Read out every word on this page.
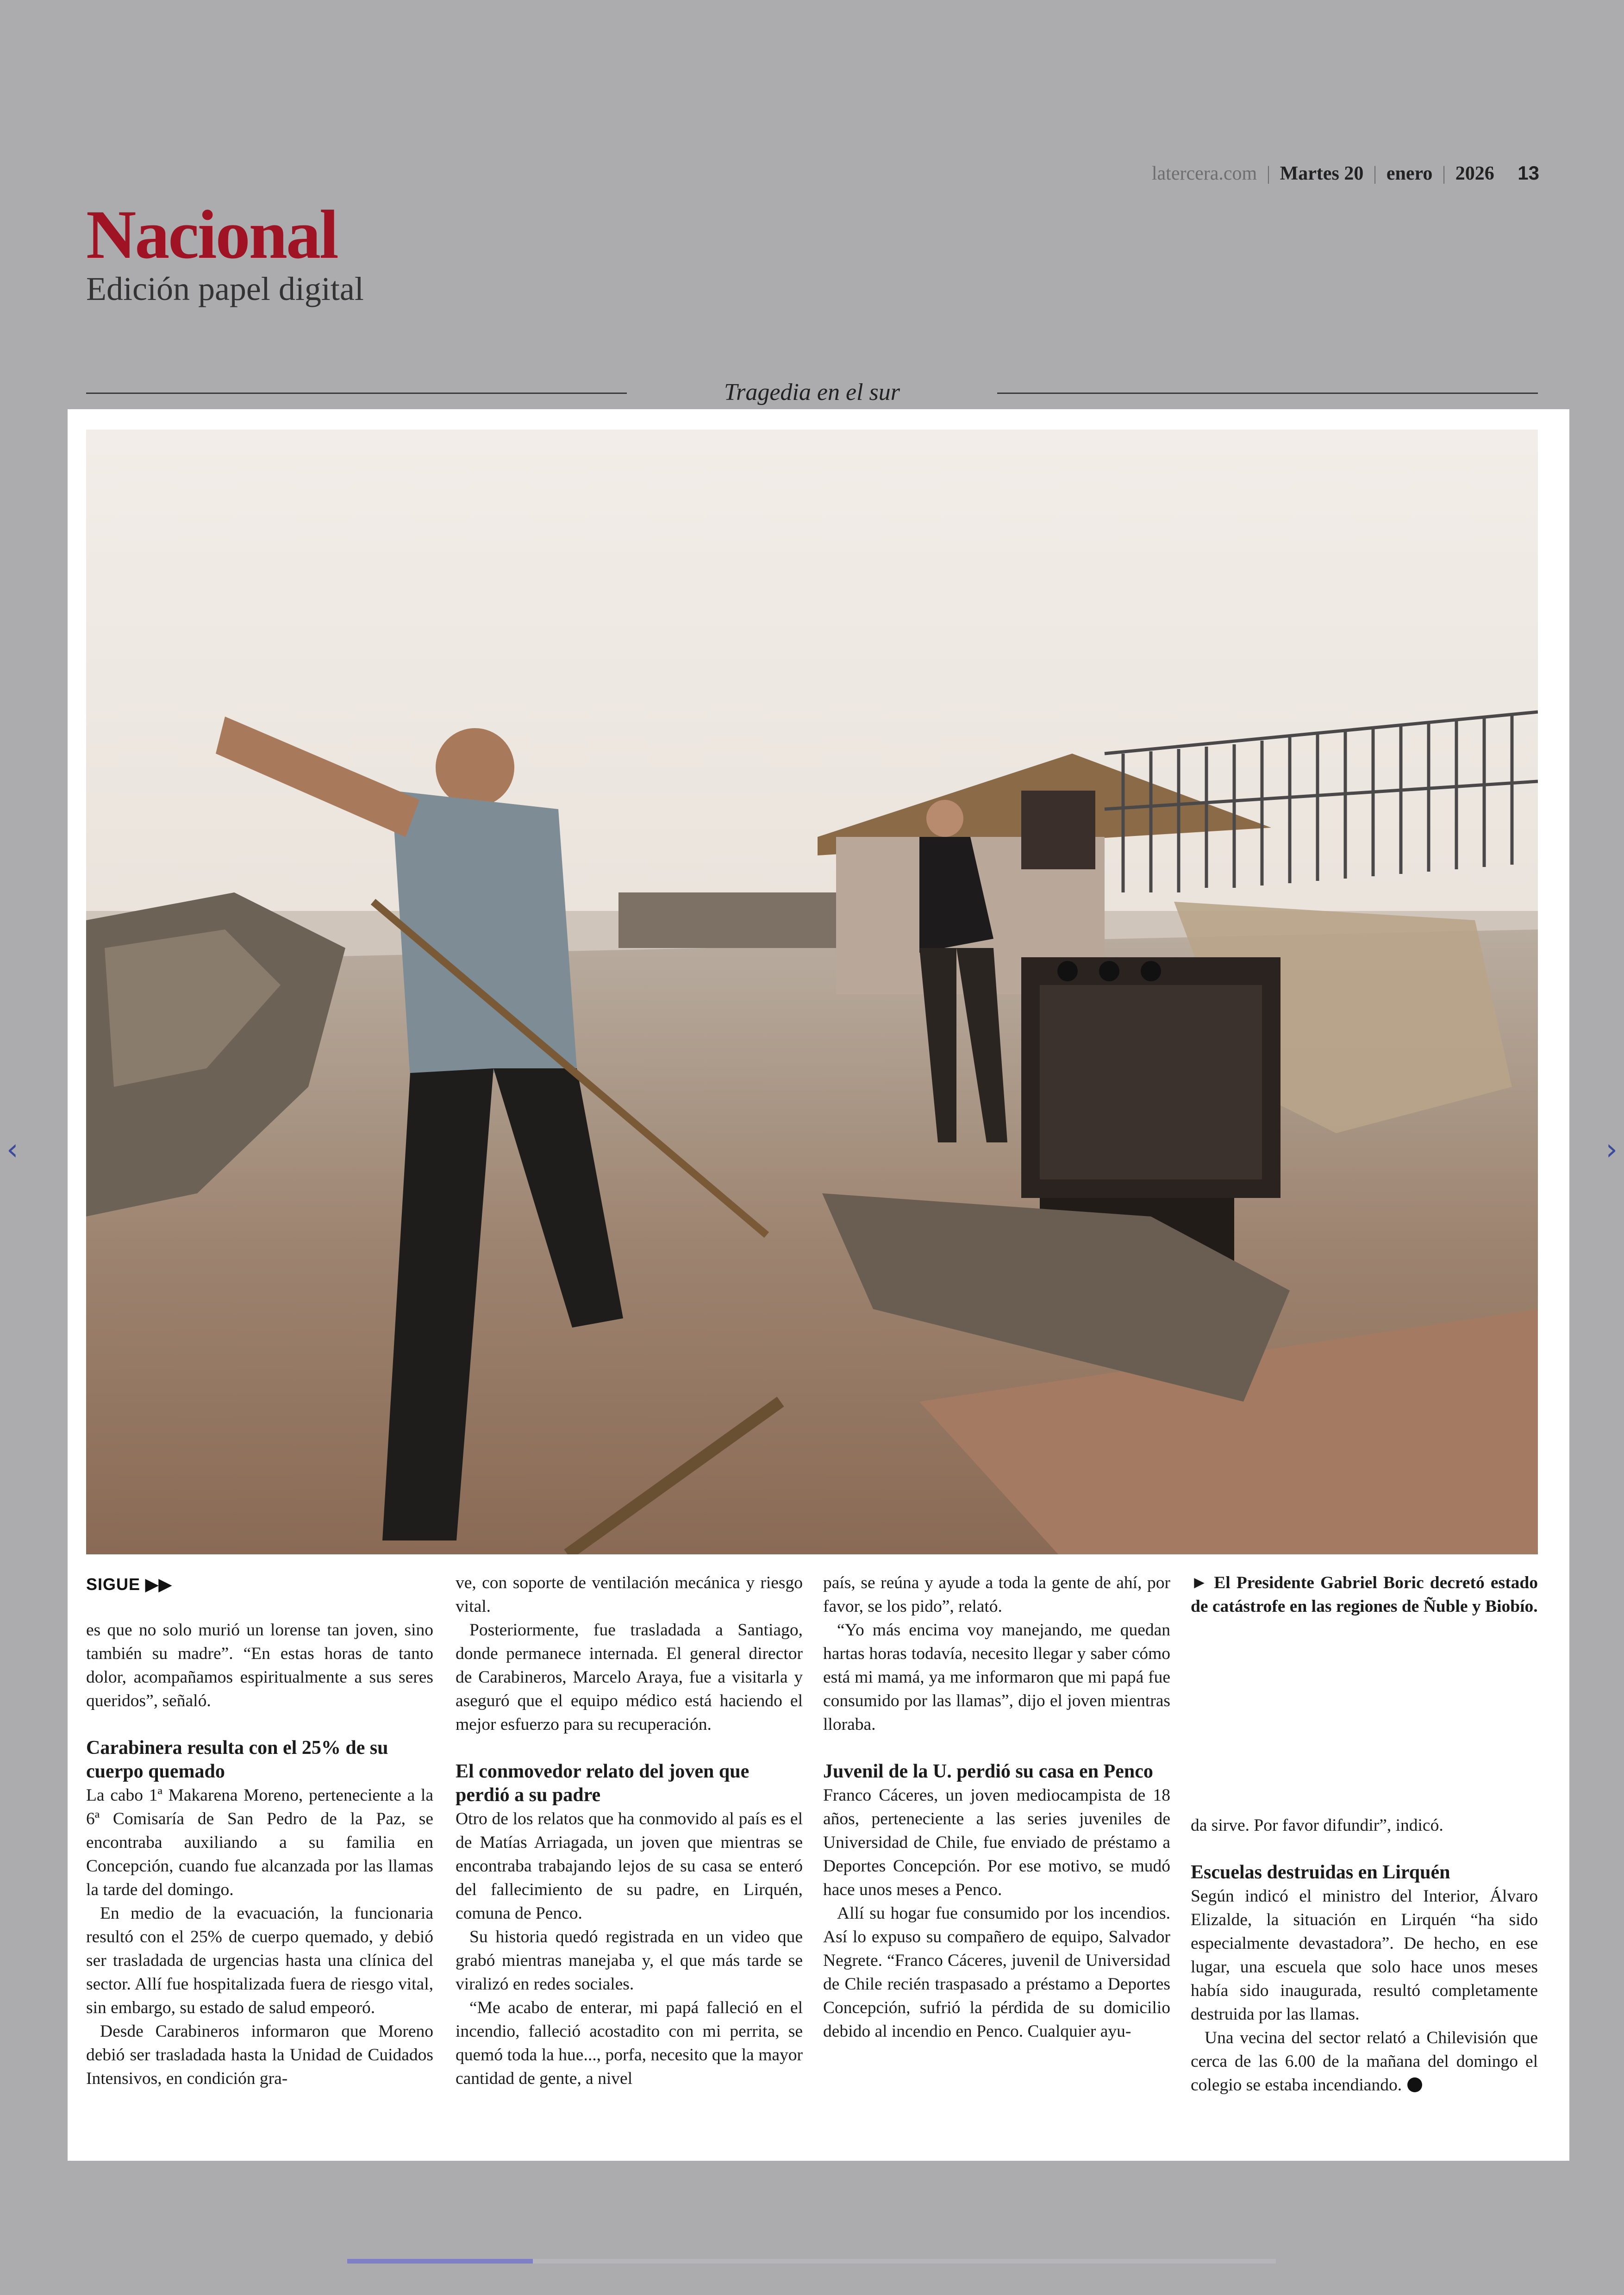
latercera.com | Martes 20 | enero | 2026 13
Nacional
Edición papel digital
Tragedia en el sur
SIGUE ▶▶

es que no solo murió un lorense tan joven, sino también su madre”. “En estas horas de tanto dolor, acompañamos espiritualmente a sus seres queridos”, señaló.

Carabinera resulta con el 25% de su cuerpo quemado

La cabo 1ª Makarena Moreno, perteneciente a la 6ª Comisaría de San Pedro de la Paz, se encontraba auxiliando a su familia en Concepción, cuando fue alcanzada por las llamas la tarde del domingo.

En medio de la evacuación, la funcionaria resultó con el 25% de cuerpo quemado, y debió ser trasladada de urgencias hasta una clínica del sector. Allí fue hospitalizada fuera de riesgo vital, sin embargo, su estado de salud empeoró.

Desde Carabineros informaron que Moreno debió ser trasladada hasta la Unidad de Cuidados Intensivos, en condición gra-

ve, con soporte de ventilación mecánica y riesgo vital.

Posteriormente, fue trasladada a Santiago, donde permanece internada. El general director de Carabineros, Marcelo Araya, fue a visitarla y aseguró que el equipo médico está haciendo el mejor esfuerzo para su recuperación.

El conmovedor relato del joven que perdió a su padre

Otro de los relatos que ha conmovido al país es el de Matías Arriagada, un joven que mientras se encontraba trabajando lejos de su casa se enteró del fallecimiento de su padre, en Lirquén, comuna de Penco.

Su historia quedó registrada en un video que grabó mientras manejaba y, el que más tarde se viralizó en redes sociales.

“Me acabo de enterar, mi papá falleció en el incendio, falleció acostadito con mi perrita, se quemó toda la hue..., porfa, necesito que la mayor cantidad de gente, a nivel

país, se reúna y ayude a toda la gente de ahí, por favor, se los pido”, relató.

“Yo más encima voy manejando, me quedan hartas horas todavía, necesito llegar y saber cómo está mi mamá, ya me informaron que mi papá fue consumido por las llamas”, dijo el joven mientras lloraba.

Juvenil de la U. perdió su casa en Penco

Franco Cáceres, un joven mediocampista de 18 años, perteneciente a las series juveniles de Universidad de Chile, fue enviado de préstamo a Deportes Concepción. Por ese motivo, se mudó hace unos meses a Penco.

Allí su hogar fue consumido por los incendios. Así lo expuso su compañero de equipo, Salvador Negrete. “Franco Cáceres, juvenil de Universidad de Chile recién traspasado a préstamo a Deportes Concepción, sufrió la pérdida de su domicilio debido al incendio en Penco. Cualquier ayu-

► El Presidente Gabriel Boric decretó estado de catástrofe en las regiones de Ñuble y Biobío.

da sirve. Por favor difundir”, indicó.

Escuelas destruidas en Lirquén

Según indicó el ministro del Interior, Álvaro Elizalde, la situación en Lirquén “ha sido especialmente devastadora”. De hecho, en ese lugar, una escuela que solo hace unos meses había sido inaugurada, resultó completamente destruida por las llamas.

Una vecina del sector relató a Chilevisión que cerca de las 6.00 de la mañana del domingo el colegio se estaba incendiando.

‹	›
